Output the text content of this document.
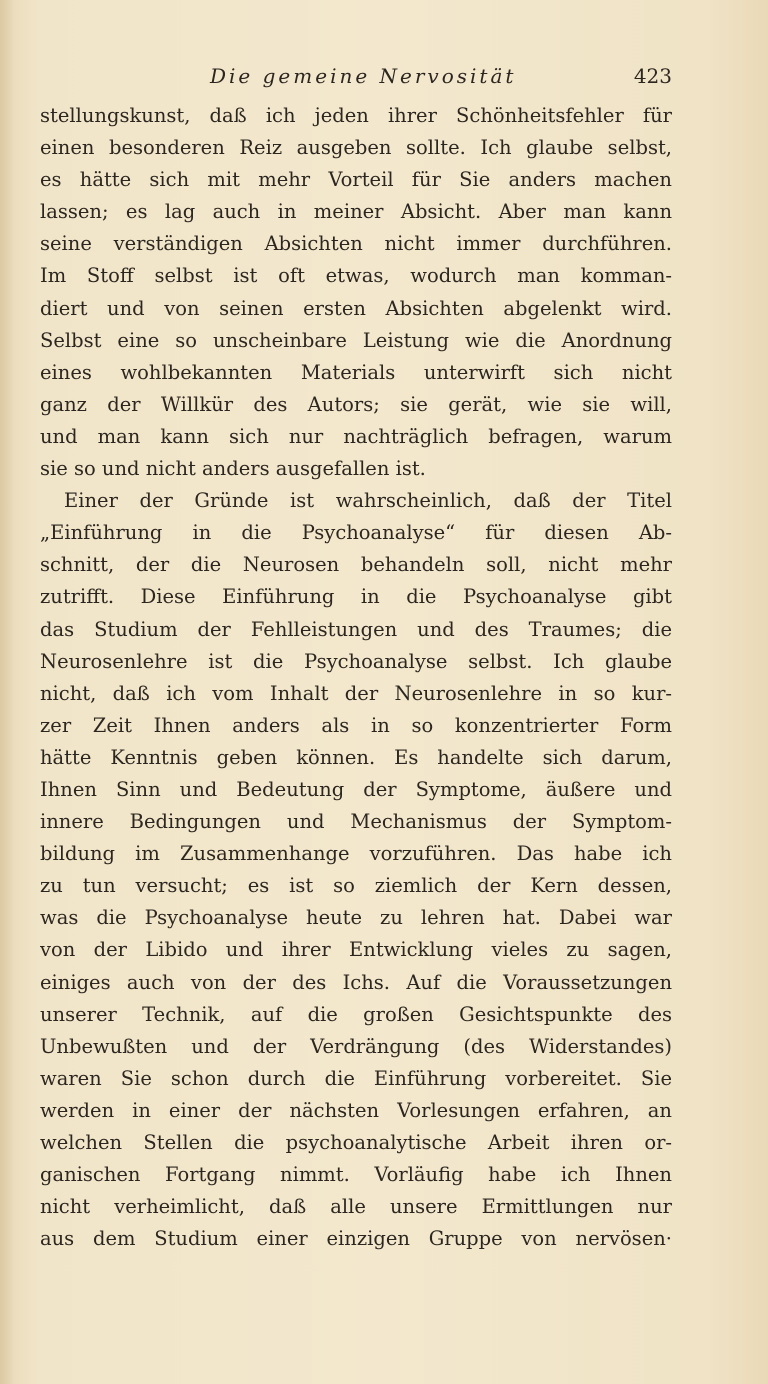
Die gemeine Nervosität	423
stellungskunst, daß ich jeden ihrer Schönheitsfehler für
einen besonderen Reiz ausgeben sollte. Ich glaube selbst,
es hätte sich mit mehr Vorteil für Sie anders machen
lassen; es lag auch in meiner Absicht. Aber man kann
seine verständigen Absichten nicht immer durchführen.
Im Stoff selbst ist oft etwas, wodurch man komman-
diert und von seinen ersten Absichten abgelenkt wird.
Selbst eine so unscheinbare Leistung wie die Anordnung
eines wohlbekannten Materials unterwirft sich nicht
ganz der Willkür des Autors; sie gerät, wie sie will,
und man kann sich nur nachträglich befragen, warum
sie so und nicht anders ausgefallen ist.
Einer der Gründe ist wahrscheinlich, daß der Titel
„Einführung in die Psychoanalyse“ für diesen Ab-
schnitt, der die Neurosen behandeln soll, nicht mehr
zutrifft. Diese Einführung in die Psychoanalyse gibt
das Studium der Fehlleistungen und des Traumes; die
Neurosenlehre ist die Psychoanalyse selbst. Ich glaube
nicht, daß ich vom Inhalt der Neurosenlehre in so kur-
zer Zeit Ihnen anders als in so konzentrierter Form
hätte Kenntnis geben können. Es handelte sich darum,
Ihnen Sinn und Bedeutung der Symptome, äußere und
innere Bedingungen und Mechanismus der Symptom-
bildung im Zusammenhange vorzuführen. Das habe ich
zu tun versucht; es ist so ziemlich der Kern dessen,
was die Psychoanalyse heute zu lehren hat. Dabei war
von der Libido und ihrer Entwicklung vieles zu sagen,
einiges auch von der des Ichs. Auf die Voraussetzungen
unserer Technik, auf die großen Gesichtspunkte des
Unbewußten und der Verdrängung (des Widerstandes)
waren Sie schon durch die Einführung vorbereitet. Sie
werden in einer der nächsten Vorlesungen erfahren, an
welchen Stellen die psychoanalytische Arbeit ihren or-
ganischen Fortgang nimmt. Vorläufig habe ich Ihnen
nicht verheimlicht, daß alle unsere Ermittlungen nur
aus dem Studium einer einzigen Gruppe von nervösen·
